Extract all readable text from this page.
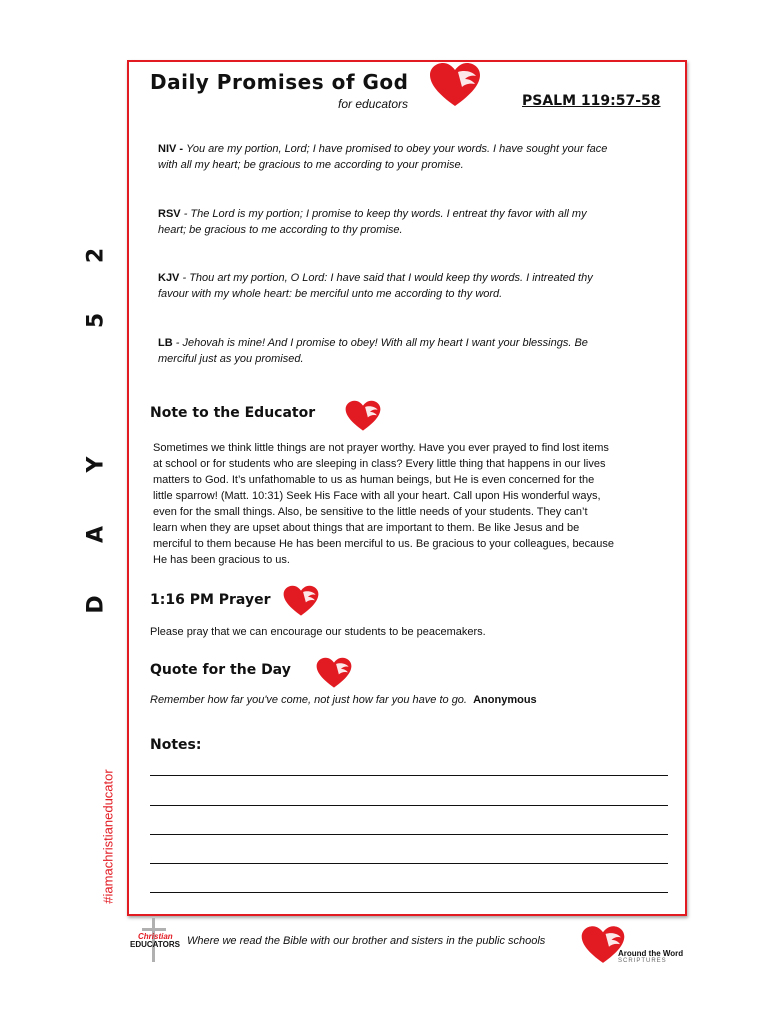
Daily Promises of God
for educators	PSALM 119:57-58
NIV - You are my portion, Lord; I have promised to obey your words. I have sought your face
with all my heart; be gracious to me according to your promise.
RSV - The Lord is my portion; I promise to keep thy words. I entreat thy favor with all my
heart; be gracious to me according to thy promise.
KJV - Thou art my portion, O Lord: I have said that I would keep thy words. I intreated thy
favour with my whole heart: be merciful unto me according to thy word.
LB - Jehovah is mine! And I promise to obey! With all my heart I want your blessings. Be
merciful just as you promised.
Note to the Educator
Sometimes we think little things are not prayer worthy. Have you ever prayed to find lost items
at school or for students who are sleeping in class? Every little thing that happens in our lives
matters to God. It’s unfathomable to us as human beings, but He is even concerned for the
little sparrow! (Matt. 10:31) Seek His Face with all your heart. Call upon His wonderful ways,
even for the small things. Also, be sensitive to the little needs of your students. They can’t
learn when they are upset about things that are important to them. Be like Jesus and be
merciful to them because He has been merciful to us. Be gracious to your colleagues, because
He has been gracious to us.
1:16 PM Prayer
Please pray that we can encourage our students to be peacemakers.
Quote for the Day
Remember how far you've come, not just how far you have to go. Anonymous
Notes:
D
A
Y
5
2
#iamachristianeducator
Christian
EDUCATORS Where we read the Bible with our brother and sisters in the public schools
Around the Word
SCRIPTURES
